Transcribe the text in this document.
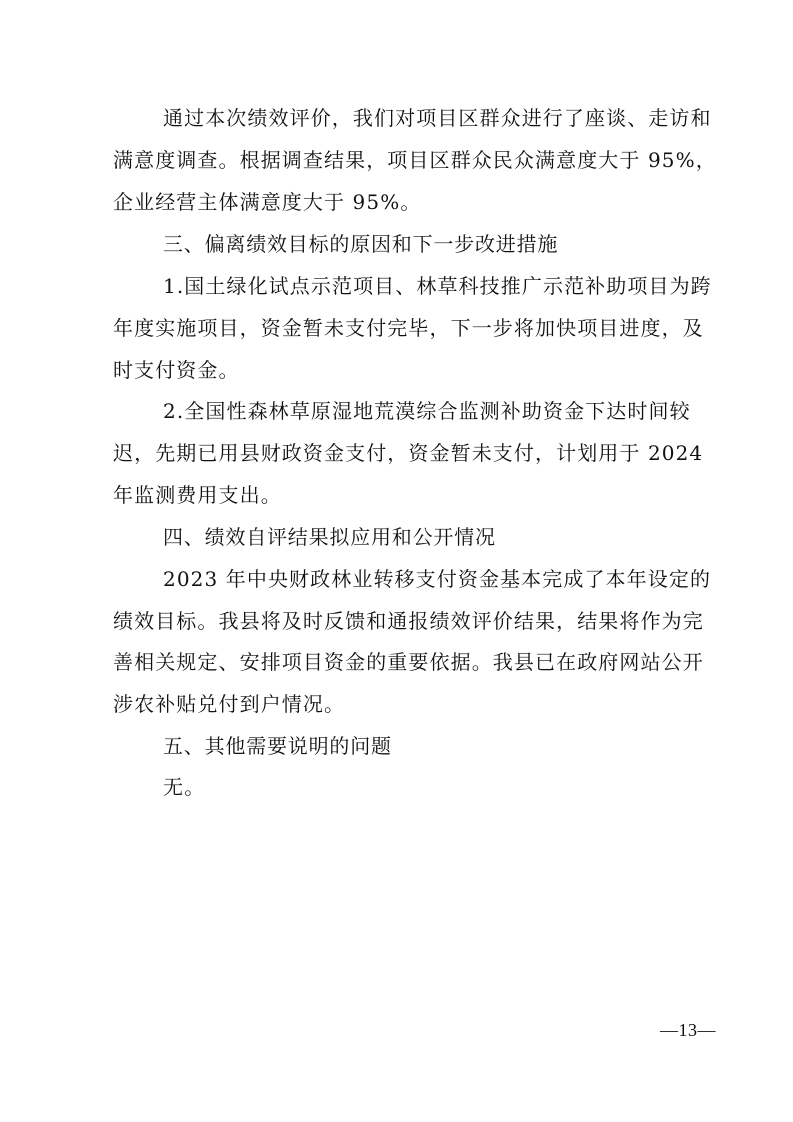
通过本次绩效评价，我们对项目区群众进行了座谈、走访和
满意度调查。根据调查结果，项目区群众民众满意度大于 95%，
企业经营主体满意度大于 95%。
三、偏离绩效目标的原因和下一步改进措施
1.国土绿化试点示范项目、林草科技推广示范补助项目为跨
年度实施项目，资金暂未支付完毕，下一步将加快项目进度，及
时支付资金。
2.全国性森林草原湿地荒漠综合监测补助资金下达时间较
迟，先期已用县财政资金支付，资金暂未支付，计划用于 2024
年监测费用支出。
四、绩效自评结果拟应用和公开情况
2023 年中央财政林业转移支付资金基本完成了本年设定的
绩效目标。我县将及时反馈和通报绩效评价结果，结果将作为完
善相关规定、安排项目资金的重要依据。我县已在政府网站公开
涉农补贴兑付到户情况。
五、其他需要说明的问题
无。
—13—
